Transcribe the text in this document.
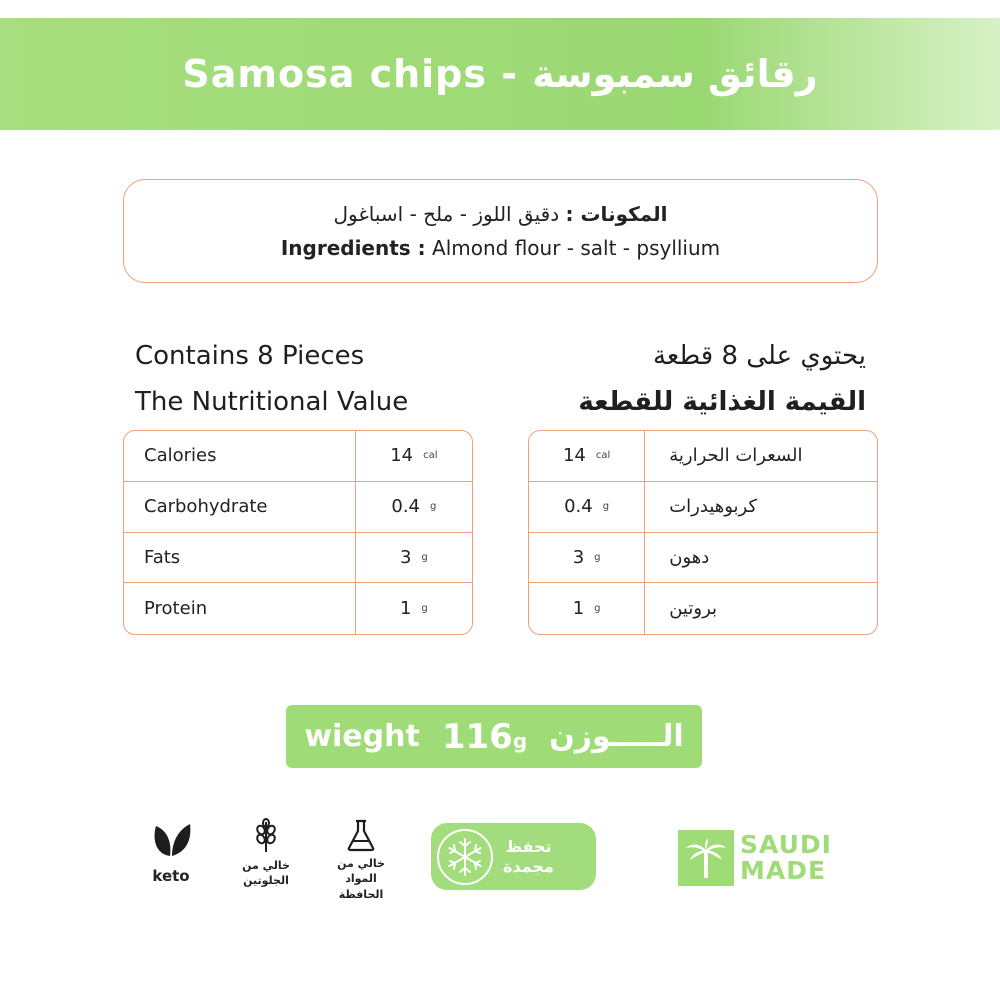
Samosa chips - رقائق سمبوسة
المكونات : دقيق اللوز - ملح - اسباغول
Ingredients : Almond flour - salt - psyllium
Contains 8 Pieces
The Nutritional Value
يحتوي على 8 قطعة
القيمة الغذائية للقطعة
Calories	14 cal
Carbohydrate	0.4 g
Fats	3 g
Protein	1 g
14 cal	السعرات الحرارية
0.4 g	كربوهيدرات
3 g	دهون
1 g	بروتين
wieght 116g الـــــوزن
keto
خالي من
الجلوتين
خالي من المواد
الحافظة
تحفظ
مجمدة
SAUDI
MADE
